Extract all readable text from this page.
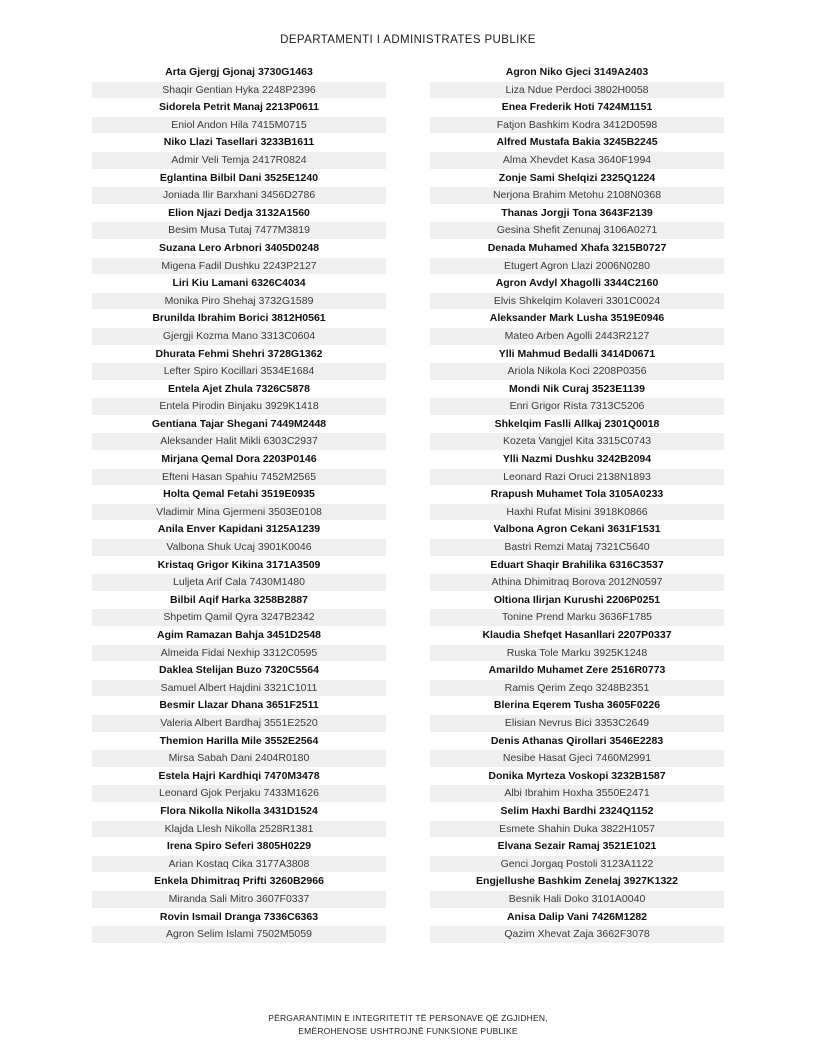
DEPARTAMENTI I ADMINISTRATES PUBLIKE
Arta Gjergj Gjonaj 3730G1463
Shaqir Gentian Hyka 2248P2396
Sidorela Petrit Manaj 2213P0611
Eniol Andon Hila 7415M0715
Niko Llazi Tasellari 3233B1611
Admir Veli Temja 2417R0824
Eglantina Bilbil Dani 3525E1240
Joniada Ilir Barxhani 3456D2786
Elion Njazi Dedja 3132A1560
Besim Musa Tutaj 7477M3819
Suzana Lero Arbnori 3405D0248
Migena Fadil Dushku 2243P2127
Liri Kiu Lamani 6326C4034
Monika Piro Shehaj 3732G1589
Brunilda Ibrahim Borici 3812H0561
Gjergji Kozma Mano 3313C0604
Dhurata Fehmi Shehri 3728G1362
Lefter Spiro Kocillari 3534E1684
Entela Ajet Zhula 7326C5878
Entela Pirodin Binjaku 3929K1418
Gentiana Tajar Shegani 7449M2448
Aleksander Halit Mikli 6303C2937
Mirjana Qemal Dora 2203P0146
Efteni Hasan Spahiu 7452M2565
Holta Qemal Fetahi 3519E0935
Vladimir Mina Gjermeni 3503E0108
Anila Enver Kapidani 3125A1239
Valbona Shuk Ucaj 3901K0046
Kristaq Grigor Kikina 3171A3509
Luljeta Arif Cala 7430M1480
Bilbil Aqif Harka 3258B2887
Shpetim Qamil Qyra 3247B2342
Agim Ramazan Bahja 3451D2548
Almeida Fidai Nexhip 3312C0595
Daklea Stelijan Buzo 7320C5564
Samuel Albert Hajdini 3321C1011
Besmir Llazar Dhana 3651F2511
Valeria Albert Bardhaj 3551E2520
Themion Harilla Mile 3552E2564
Mirsa Sabah Dani 2404R0180
Estela Hajri Kardhiqi 7470M3478
Leonard Gjok Perjaku 7433M1626
Flora Nikolla Nikolla 3431D1524
Klajda Llesh Nikolla 2528R1381
Irena Spiro Seferi 3805H0229
Arian Kostaq Cika 3177A3808
Enkela Dhimitraq Prifti 3260B2966
Miranda Sali Mitro 3607F0337
Rovin Ismail Dranga 7336C6363
Agron Selim Islami 7502M5059
Agron Niko Gjeci 3149A2403
Liza Ndue Perdoci 3802H0058
Enea Frederik Hoti 7424M1151
Fatjon Bashkim Kodra 3412D0598
Alfred Mustafa Bakia 3245B2245
Alma Xhevdet Kasa 3640F1994
Zonje Sami Shelqizi 2325Q1224
Nerjona Brahim Metohu 2108N0368
Thanas Jorgji Tona 3643F2139
Gesina Shefit Zenunaj 3106A0271
Denada Muhamed Xhafa 3215B0727
Etugert Agron Llazi 2006N0280
Agron Avdyl Xhagolli 3344C2160
Elvis Shkelqim Kolaveri 3301C0024
Aleksander Mark Lusha 3519E0946
Mateo Arben Agolli 2443R2127
Ylli Mahmud Bedalli 3414D0671
Ariola Nikola Koci 2208P0356
Mondi Nik Curaj 3523E1139
Enri Grigor Rista 7313C5206
Shkelqim Faslli Allkaj 2301Q0018
Kozeta Vangjel Kita 3315C0743
Ylli Nazmi Dushku 3242B2094
Leonard Razi Oruci 2138N1893
Rrapush Muhamet Tola 3105A0233
Haxhi Rufat Misini 3918K0866
Valbona Agron Cekani 3631F1531
Bastri Remzi Mataj 7321C5640
Eduart Shaqir Brahilika 6316C3537
Athina Dhimitraq Borova 2012N0597
Oltiona Ilirjan Kurushi 2206P0251
Tonine Prend Marku 3636F1785
Klaudia Shefqet Hasanllari 2207P0337
Ruska Tole Marku 3925K1248
Amarildo Muhamet Zere 2516R0773
Ramis Qerim Zeqo 3248B2351
Blerina Eqerem Tusha 3605F0226
Elisian Nevrus Bici 3353C2649
Denis Athanas Qirollari 3546E2283
Nesibe Hasat Gjeci 7460M2991
Donika Myrteza Voskopi 3232B1587
Albi Ibrahim Hoxha 3550E2471
Selim Haxhi Bardhi 2324Q1152
Esmete Shahin Duka 3822H1057
Elvana Sezair Ramaj 3521E1021
Genci Jorgaq Postoli 3123A1122
Engjellushe Bashkim Zenelaj 3927K1322
Besnik Hali Doko 3101A0040
Anisa Dalip Vani 7426M1282
Qazim Xhevat Zaja 3662F3078
PËRGARANTIMIN E INTEGRITETIT TË PERSONAVE QË ZGJIDHEN,
EMËROHENOSE USHTROJNË FUNKSIONE PUBLIKE
